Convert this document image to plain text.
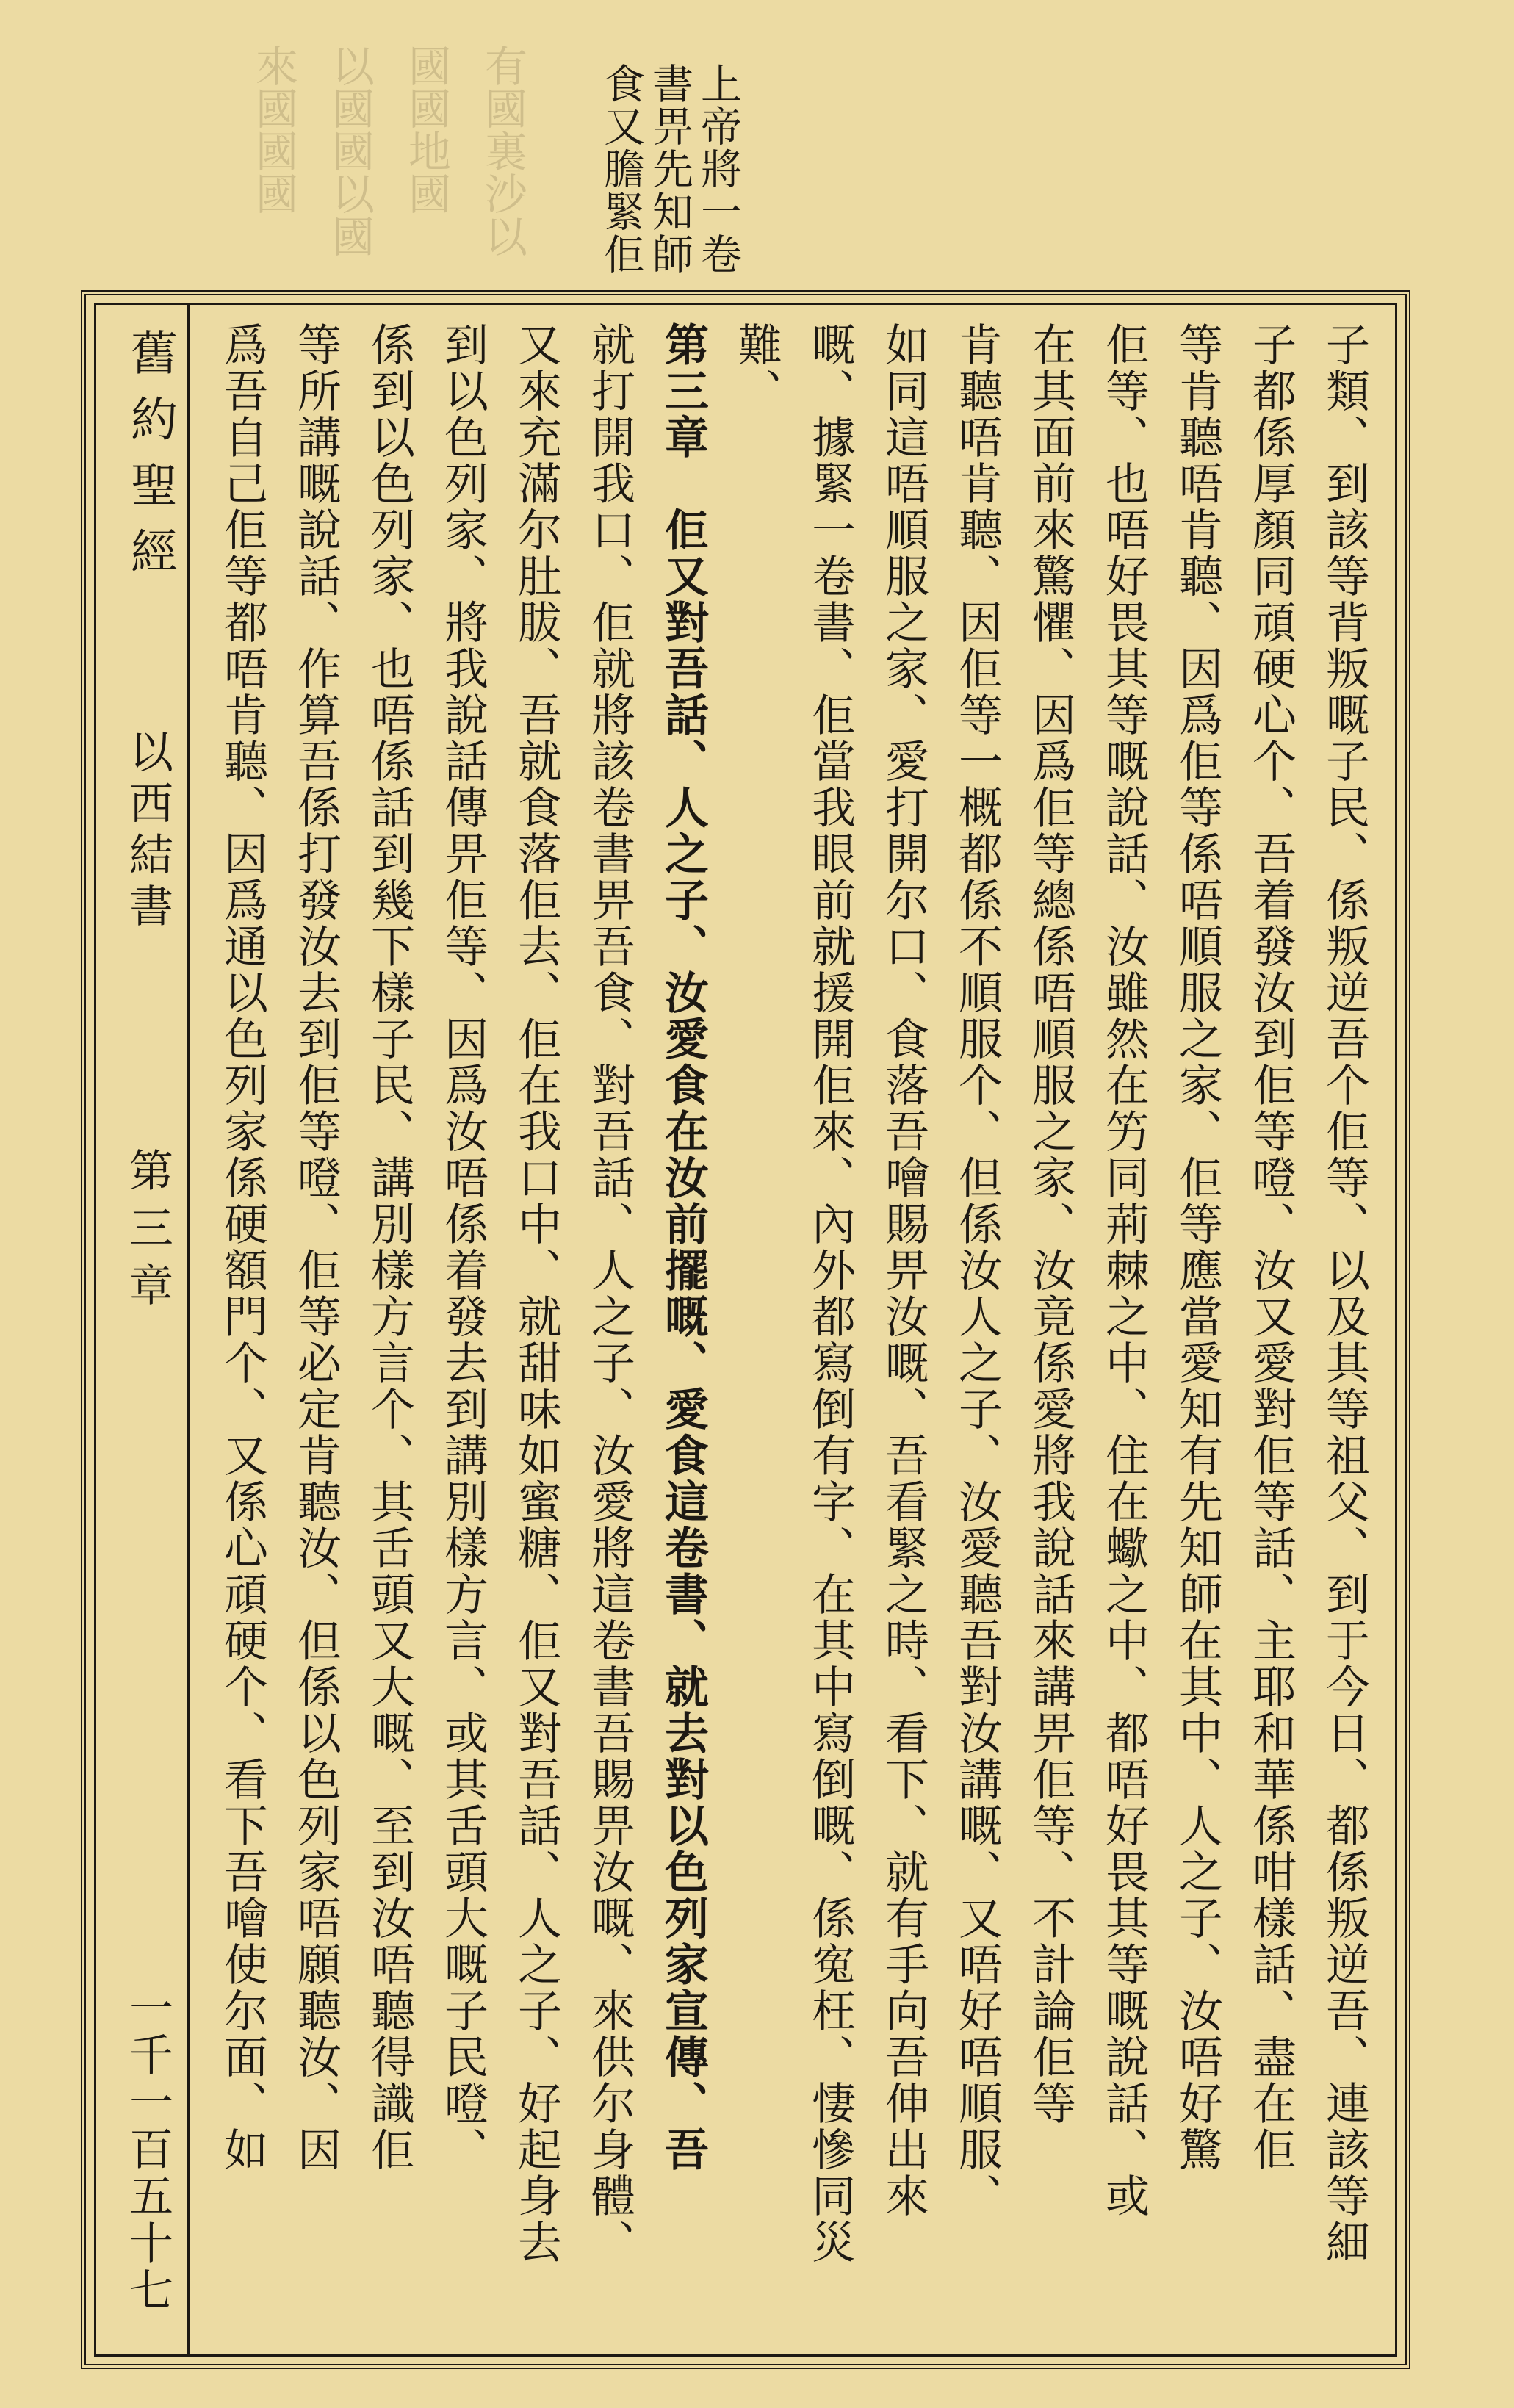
有國裏沙以
國國地國
以國國以國
來國國國	上帝將一卷
書畀先知師
食又膽緊佢
舊約聖經
以西結書
第三章
一千一百五十七	子類、到該等背叛嘅子民、係叛逆吾个佢等、以及其等祖父、到于今日、都係叛逆吾、連該等細
子都係厚顏同頑硬心个、吾着發汝到佢等噔、汝又愛對佢等話、主耶和華係咁樣話、盡在佢
等肯聽唔肯聽、因爲佢等係唔順服之家、佢等應當愛知有先知師在其中、人之子、汝唔好驚
佢等、也唔好畏其等嘅說話、汝雖然在竻同荊棘之中、住在蠍之中、都唔好畏其等嘅說話、或
在其面前來驚懼、因爲佢等總係唔順服之家、汝竟係愛將我說話來講畀佢等、不計論佢等
肯聽唔肯聽、因佢等一概都係不順服个、但係汝人之子、汝愛聽吾對汝講嘅、又唔好唔順服、
如同這唔順服之家、愛打開尔口、食落吾噲賜畀汝嘅、吾看緊之時、看下、就有手向吾伸出來
嘅、據緊一卷書、佢當我眼前就援開佢來、內外都寫倒有字、在其中寫倒嘅、係寃枉、悽慘同災
難、
第三章　佢又對吾話、人之子、汝愛食在汝前擺嘅、愛食這卷書、就去對以色列家宣傳、吾
就打開我口、佢就將該卷書畀吾食、對吾話、人之子、汝愛將這卷書吾賜畀汝嘅、來供尔身體、
又來充滿尔肚胈、吾就食落佢去、佢在我口中、就甜味如蜜糖、佢又對吾話、人之子、好起身去
到以色列家、將我說話傳畀佢等、因爲汝唔係着發去到講別樣方言、或其舌頭大嘅子民噔、
係到以色列家、也唔係話到幾下樣子民、講別樣方言个、其舌頭又大嘅、至到汝唔聽得識佢
等所講嘅說話、作算吾係打發汝去到佢等噔、佢等必定肯聽汝、但係以色列家唔願聽汝、因
爲吾自己佢等都唔肯聽、因爲通以色列家係硬額門个、又係心頑硬个、看下吾噲使尔面、如
